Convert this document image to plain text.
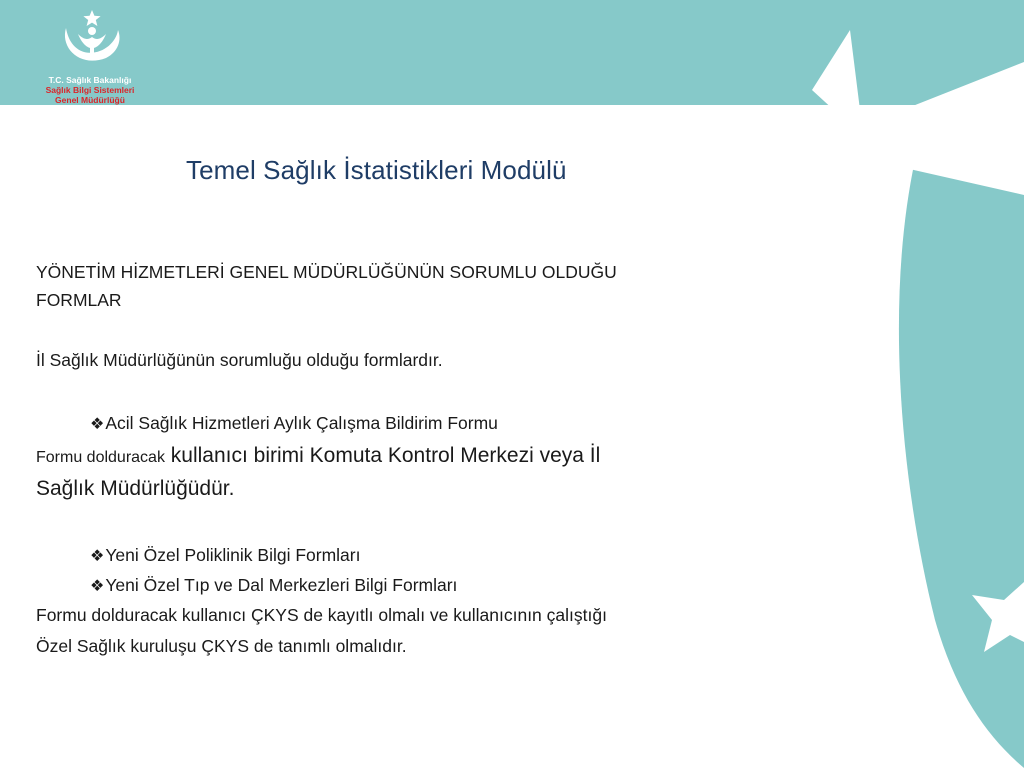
T.C. Sağlık Bakanlığı
Sağlık Bilgi Sistemleri
Genel Müdürlüğü
Temel Sağlık İstatistikleri Modülü
YÖNETİM HİZMETLERİ GENEL MÜDÜRLÜĞÜNÜN SORUMLU OLDUĞU
FORMLAR
İl Sağlık Müdürlüğünün sorumluğu olduğu formlardır.
❖Acil Sağlık Hizmetleri Aylık Çalışma Bildirim Formu
Formu dolduracak kullanıcı birimi Komuta Kontrol Merkezi veya İl
Sağlık Müdürlüğüdür.
❖Yeni Özel Poliklinik Bilgi Formları
❖Yeni Özel Tıp ve Dal Merkezleri Bilgi Formları
Formu dolduracak kullanıcı ÇKYS de kayıtlı olmalı ve kullanıcının çalıştığı
Özel Sağlık kuruluşu ÇKYS de tanımlı olmalıdır.
12
